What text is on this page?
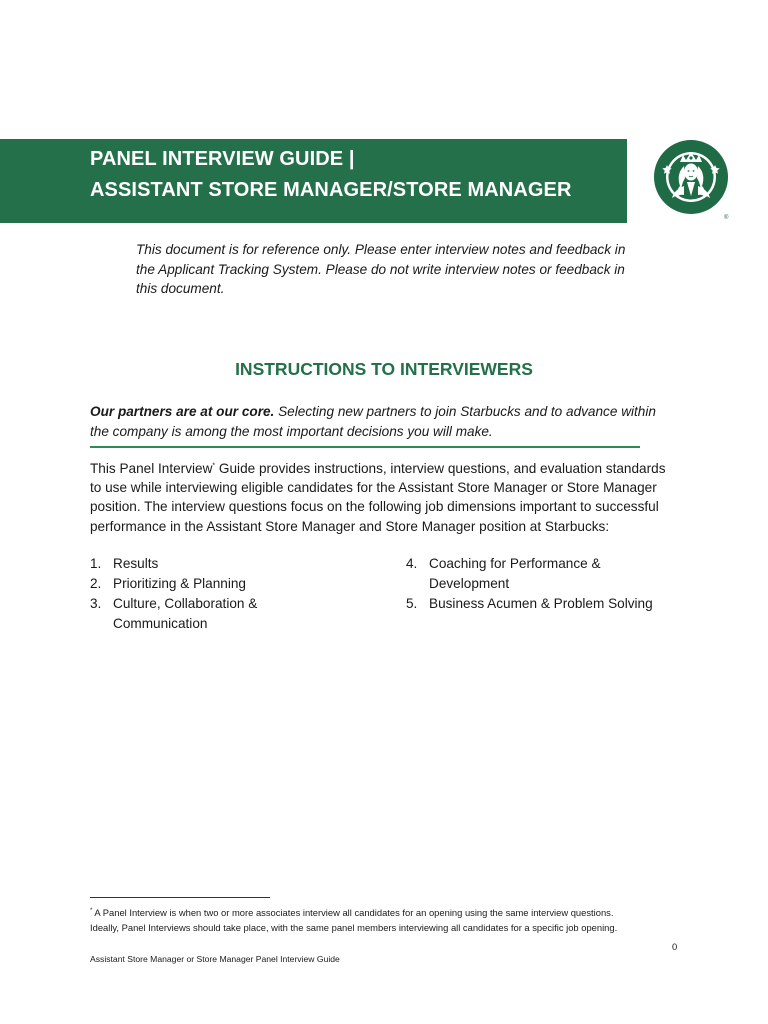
PANEL INTERVIEW GUIDE |
ASSISTANT STORE MANAGER/STORE MANAGER
®
This document is for reference only. Please enter interview notes and feedback in
the Applicant Tracking System. Please do not write interview notes or feedback in
this document.
INSTRUCTIONS TO INTERVIEWERS
Our partners are at our core. Selecting new partners to join Starbucks and to advance within
the company is among the most important decisions you will make.
This Panel Interview* Guide provides instructions, interview questions, and evaluation standards
to use while interviewing eligible candidates for the Assistant Store Manager or Store Manager
position. The interview questions focus on the following job dimensions important to successful
performance in the Assistant Store Manager and Store Manager position at Starbucks:
1. Results
2. Prioritizing & Planning
3. Culture, Collaboration &
Communication
4. Coaching for Performance &
Development
5. Business Acumen & Problem Solving
* A Panel Interview is when two or more associates interview all candidates for an opening using the same interview questions.
Ideally, Panel Interviews should take place, with the same panel members interviewing all candidates for a specific job opening.
0
Assistant Store Manager or Store Manager Panel Interview Guide
